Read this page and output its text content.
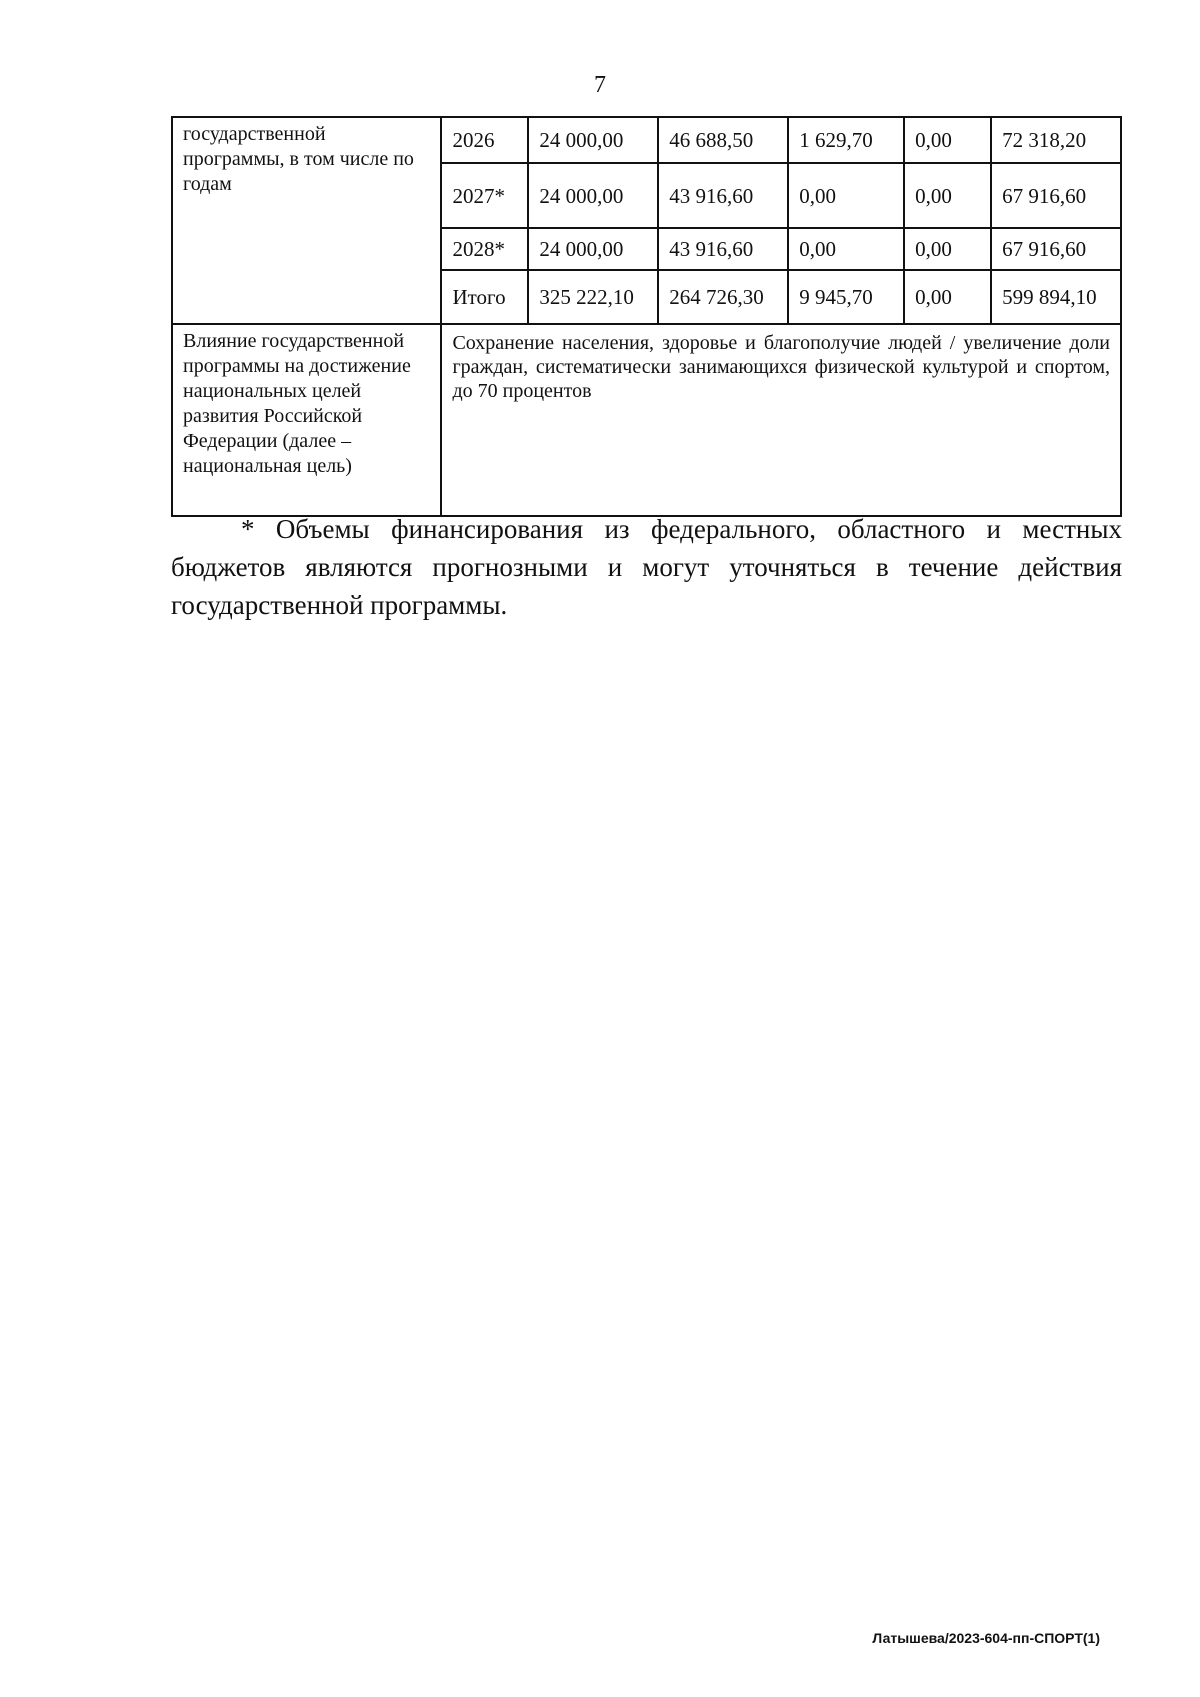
7
государственной программы, в том числе по годам	2026	24 000,00	46 688,50	1 629,70	0,00	72 318,20
	2027*	24 000,00	43 916,60	0,00	0,00	67 916,60
	2028*	24 000,00	43 916,60	0,00	0,00	67 916,60
	Итого	325 222,10	264 726,30	9 945,70	0,00	599 894,10
Влияние государственной программы на достижение национальных целей развития Российской Федерации (далее – национальная цель)	Сохранение населения, здоровье и благополучие людей / увеличение доли граждан, систематически занимающихся физической культурой и спортом, до 70 процентов					
* Объемы финансирования из федерального, областного и местных бюджетов являются прогнозными и могут уточняться в течение действия государственной программы.
Латышева/2023-604-пп-СПОРТ(1)
